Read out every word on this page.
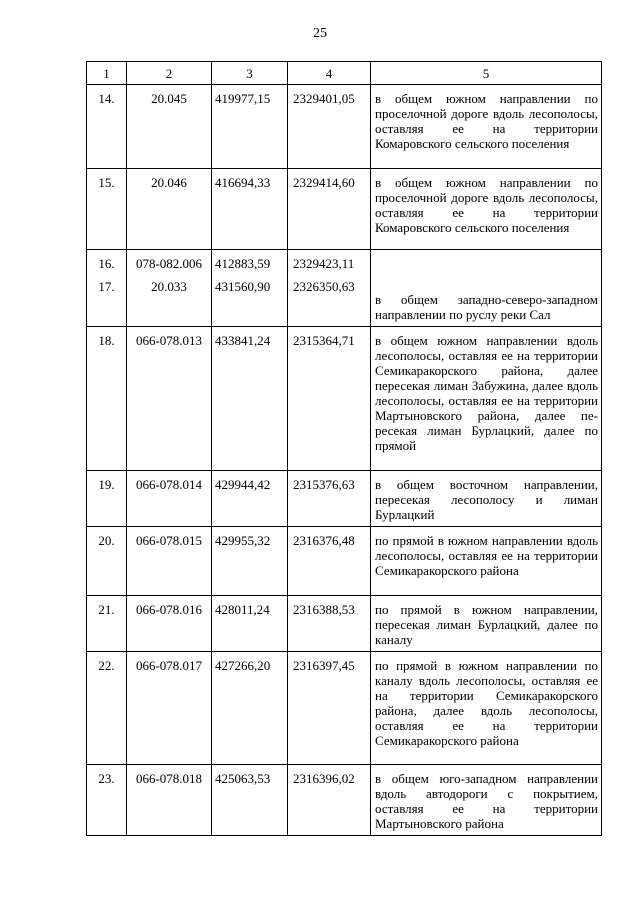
25
1	2	3	4	5
14.	20.045	419977,15	2329401,05	в общем южном направлении по проселочной дороге вдоль лесополосы, оставляя ее на территории Комаровского сельского поселения
15.	20.046	416694,33	2329414,60	в общем южном направлении по проселочной дороге вдоль лесополосы, оставляя ее на территории Комаровского сельского поселения
16.	078-082.006	412883,59	2329423,11	
17.	20.033	431560,90	2326350,63	в общем западно-северо-западном направлении по руслу реки Сал
18.	066-078.013	433841,24	2315364,71	в общем южном направлении вдоль лесополосы, оставляя ее на территории Семикаракорского района, далее пересекая лиман Забужина, далее вдоль лесополосы, оставляя ее на территории Мартыновского района, далее пересекая лиман Бурлацкий, далее по прямой
19.	066-078.014	429944,42	2315376,63	в общем восточном направлении, пересекая лесополосу и лиман Бурлацкий
20.	066-078.015	429955,32	2316376,48	по прямой в южном направлении вдоль лесополосы, оставляя ее на территории Семикаракорского района
21.	066-078.016	428011,24	2316388,53	по прямой в южном направлении, пересекая лиман Бурлацкий, далее по каналу
22.	066-078.017	427266,20	2316397,45	по прямой в южном направлении по каналу вдоль лесополосы, оставляя ее на территории Семикаракорского района, далее вдоль лесополосы, оставляя ее на территории Семикаракорского района
23.	066-078.018	425063,53	2316396,02	в общем юго-западном направлении вдоль автодороги с покрытием, оставляя ее на территории Мартыновского района
